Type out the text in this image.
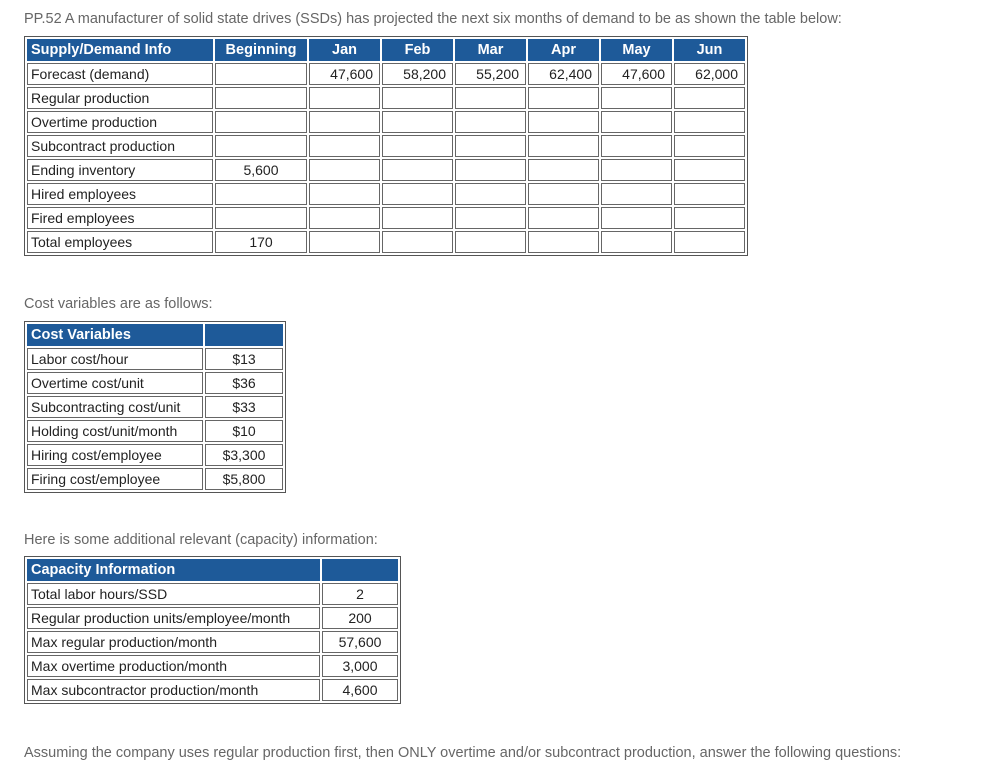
PP.52 A manufacturer of solid state drives (SSDs) has projected the next six months of demand to be as shown the table below:
Supply/Demand Info	Beginning	Jan	Feb	Mar	Apr	May	Jun
Forecast (demand)		47,600	58,200	55,200	62,400	47,600	62,000
Regular production							
Overtime production							
Subcontract production							
Ending inventory	5,600						
Hired employees							
Fired employees							
Total employees	170						
Cost variables are as follows:
Cost Variables	
Labor cost/hour	$13
Overtime cost/unit	$36
Subcontracting cost/unit	$33
Holding cost/unit/month	$10
Hiring cost/employee	$3,300
Firing cost/employee	$5,800
Here is some additional relevant (capacity) information:
Capacity Information	
Total labor hours/SSD	2
Regular production units/employee/month	200
Max regular production/month	57,600
Max overtime production/month	3,000
Max subcontractor production/month	4,600
Assuming the company uses regular production first, then ONLY overtime and/or subcontract production, answer the following questions:
